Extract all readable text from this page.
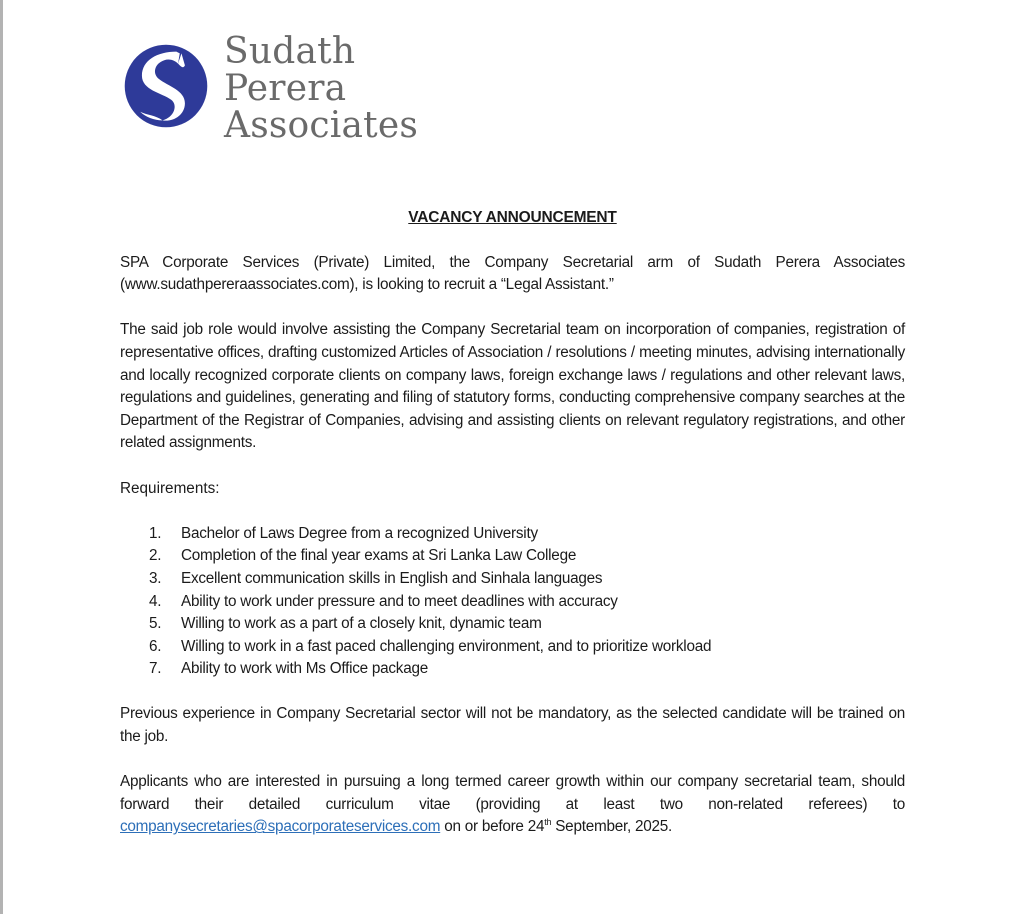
Sudath
Perera
Associates
VACANCY ANNOUNCEMENT

SPA Corporate Services (Private) Limited, the Company Secretarial arm of Sudath Perera Associates (www.sudathpereraassociates.com), is looking to recruit a “Legal Assistant.”

The said job role would involve assisting the Company Secretarial team on incorporation of companies, registration of representative offices, drafting customized Articles of Association / resolutions / meeting minutes, advising internationally and locally recognized corporate clients on company laws, foreign exchange laws / regulations and other relevant laws, regulations and guidelines, generating and filing of statutory forms, conducting comprehensive company searches at the Department of the Registrar of Companies, advising and assisting clients on relevant regulatory registrations, and other related assignments.

Requirements:
1.	Bachelor of Laws Degree from a recognized University
2.	Completion of the final year exams at Sri Lanka Law College
3.	Excellent communication skills in English and Sinhala languages
4.	Ability to work under pressure and to meet deadlines with accuracy
5.	Willing to work as a part of a closely knit, dynamic team
6.	Willing to work in a fast paced challenging environment, and to prioritize workload
7.	Ability to work with Ms Office package

Previous experience in Company Secretarial sector will not be mandatory, as the selected candidate will be trained on the job.

Applicants who are interested in pursuing a long termed career growth within our company secretarial team, should forward their detailed curriculum vitae (providing at least two non-related referees) to companysecretaries@spacorporateservices.com on or before 24th September, 2025.
